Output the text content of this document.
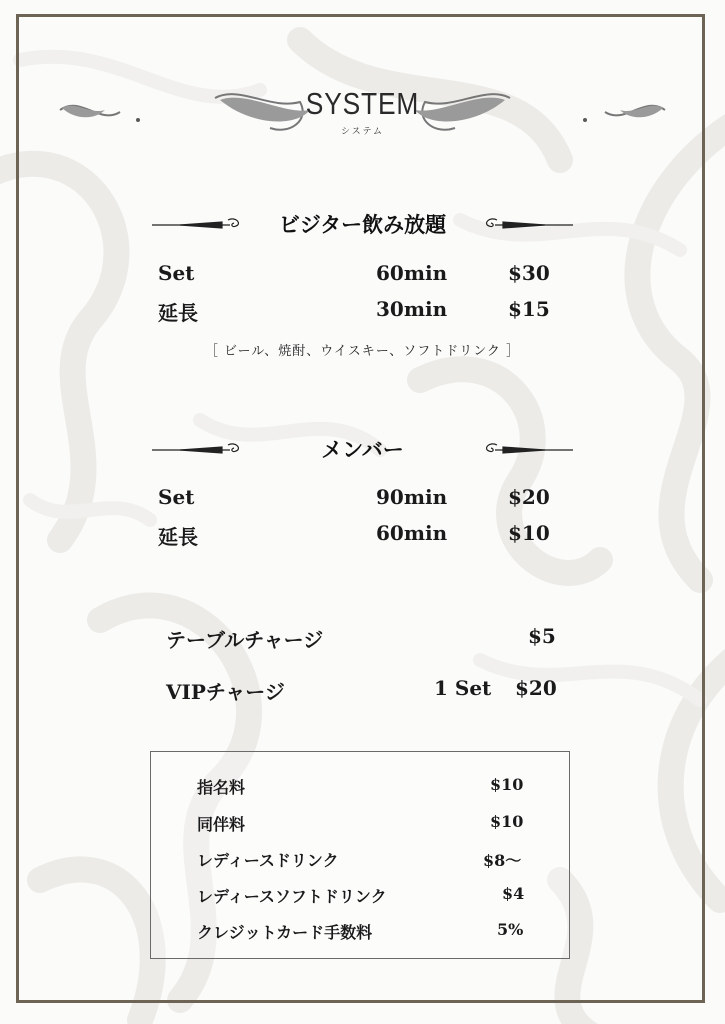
SYSTEM
システム
ビジター飲み放題
Set	60min	$30
延長	30min	$15
［ ビール、焼酎、ウイスキー、ソフトドリンク ］
メンバー
Set	90min	$20
延長	60min	$10
テーブルチャージ	$5
VIPチャージ	1 Set $20
指名料	$10
同伴料	$10
レディースドリンク	$8〜
レディースソフトドリンク	$4
クレジットカード手数料	5%
